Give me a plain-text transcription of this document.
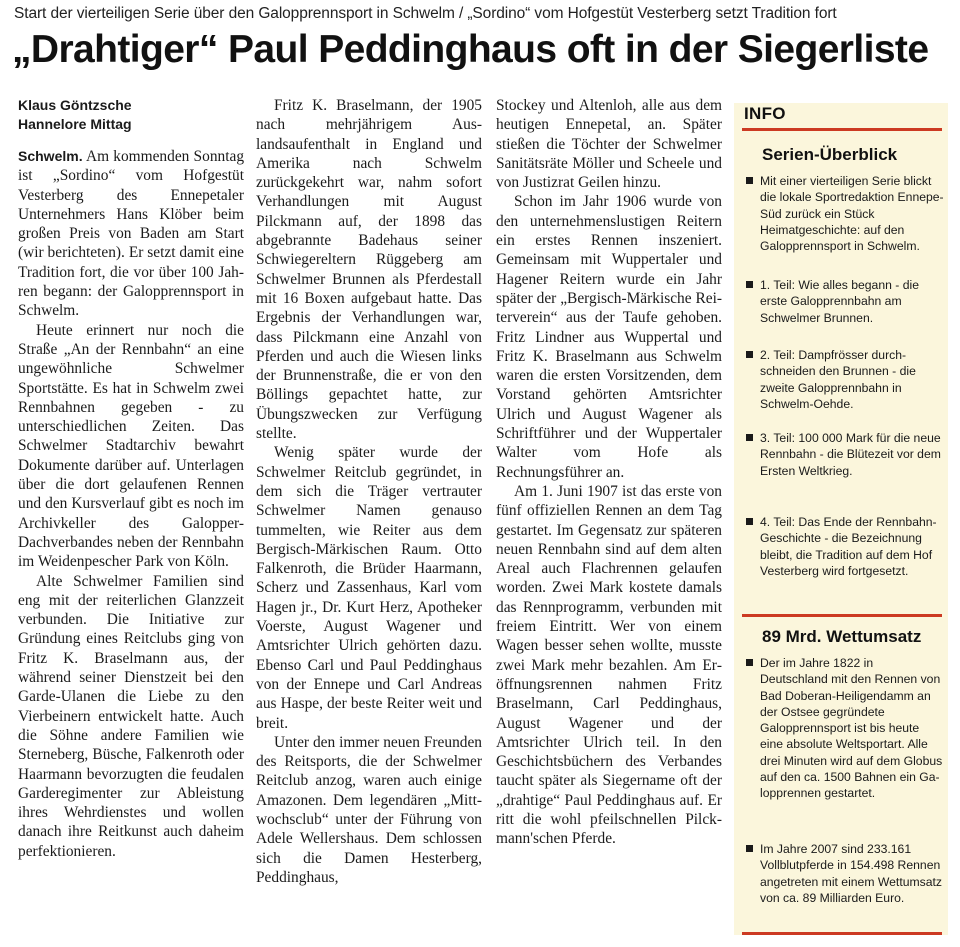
Start der vierteiligen Serie über den Galopprennsport in Schwelm / „Sordino“ vom Hofgestüt Vesterberg setzt Tradition fort
„Drahtiger“ Paul Peddinghaus oft in der Siegerliste
Klaus Göntzsche
Hannelore Mittag

Schwelm. Am kommenden Sonntag ist „Sordino“ vom Hofgestüt Vesterberg des Ennepetaler Unternehmers Hans Klöber beim großen Preis von Baden am Start (wir berichteten). Er setzt damit eine Tradition fort, die vor über 100 Jahren begann: der Galopprennsport in Schwelm.

Heute erinnert nur noch die Straße „An der Rennbahn“ an eine ungewöhnliche Schwelmer Sportstätte. Es hat in Schwelm zwei Rennbahnen gegeben - zu unterschiedlichen Zeiten. Das Schwelmer Stadtarchiv bewahrt Dokumente darüber auf. Unterlagen über die dort gelaufenen Rennen und den Kursverlauf gibt es noch im Archivkeller des Galopper-Dachverbandes neben der Rennbahn im Weidenpescher Park von Köln.

Alte Schwelmer Familien sind eng mit der reiterlichen Glanzzeit verbunden. Die Initiative zur Gründung eines Reitclubs ging von Fritz K. Braselmann aus, der während seiner Dienstzeit bei den Garde-Ulanen die Liebe zu den Vierbeinern entwickelt hatte. Auch die Söhne andere Familien wie Sterneberg, Büsche, Falkenroth oder Haarmann bevorzugten die feudalen Garderegimenter zur Ableistung ihres Wehrdienstes und wollen danach ihre Reitkunst auch daheim perfektionieren.

Fritz K. Braselmann, der 1905 nach mehrjährigem Auslandsaufenthalt in England und Amerika nach Schwelm zurückgekehrt war, nahm sofort Verhandlungen mit August Pilckmann auf, der 1898 das abgebrannte Badehaus seiner Schwiegereltern Rüggeberg am Schwelmer Brunnen als Pferdestall mit 16 Boxen aufgebaut hatte. Das Ergebnis der Verhandlungen war, dass Pilckmann eine Anzahl von Pferden und auch die Wiesen links der Brunnenstraße, die er von den Böllings gepachtet hatte, zur Übungszwecken zur Verfügung stellte.

Wenig später wurde der Schwelmer Reitclub gegründet, in dem sich die Träger vertrauter Schwelmer Namen genauso tummelten, wie Reiter aus dem Bergisch-Märkischen Raum. Otto Falkenroth, die Brüder Haarmann, Scherz und Zassenhaus, Karl vom Hagen jr., Dr. Kurt Herz, Apotheker Voerste, August Wagener und Amtsrichter Ulrich gehörten dazu. Ebenso Carl und Paul Peddinghaus von der Ennepe und Carl Andreas aus Haspe, der beste Reiter weit und breit.

Unter den immer neuen Freunden des Reitsports, die der Schwelmer Reitclub anzog, waren auch einige Amazonen. Dem legendären „Mittwochsclub“ unter der Führung von Adele Wellershaus. Dem schlossen sich die Damen Hesterberg, Peddinghaus,

Stockey und Altenloh, alle aus dem heutigen Ennepetal, an. Später stießen die Töchter der Schwelmer Sanitätsräte Möller und Scheele und von Justizrat Geilen hinzu.

Schon im Jahr 1906 wurde von den unternehmenslustigen Reitern ein erstes Rennen inszeniert. Gemeinsam mit Wuppertaler und Hagener Reitern wurde ein Jahr später der „Bergisch-Märkische Reiterverein“ aus der Taufe gehoben. Fritz Lindner aus Wuppertal und Fritz K. Braselmann aus Schwelm waren die ersten Vorsitzenden, dem Vorstand gehörten Amtsrichter Ulrich und August Wagener als Schriftführer und der Wuppertaler Walter vom Hofe als Rechnungsführer an.

Am 1. Juni 1907 ist das erste von fünf offiziellen Rennen an dem Tag gestartet. Im Gegensatz zur späteren neuen Rennbahn sind auf dem alten Areal auch Flachrennen gelaufen worden. Zwei Mark kostete damals das Rennprogramm, verbunden mit freiem Eintritt. Wer von einem Wagen besser sehen wollte, musste zwei Mark mehr bezahlen. Am Eröffnungsrennen nahmen Fritz Braselmann, Carl Peddinghaus, August Wagener und der Amtsrichter Ulrich teil. In den Geschichtsbüchern des Verbandes taucht später als Siegername oft der „drahtige“ Paul Peddinghaus auf. Er ritt die wohl pfeilschnellen Pilckmann'schen Pferde.

INFO
Serien-Überblick
Mit einer vierteiligen Serie blickt die lokale Sportredaktion Ennepe-Süd zurück ein Stück Heimatgeschichte: auf den Galopprennsport in Schwelm.
1. Teil: Wie alles begann - die erste Galopprennbahn am Schwelmer Brunnen.
2. Teil: Dampfrösser durchschneiden den Brunnen - die zweite Galopprennbahn in Schwelm-Oehde.
3. Teil: 100 000 Mark für die neue Rennbahn - die Blütezeit vor dem Ersten Weltkrieg.
4. Teil: Das Ende der Rennbahn-Geschichte - die Bezeichnung bleibt, die Tradition auf dem Hof Vesterberg wird fortgesetzt.
89 Mrd. Wettumsatz
Der im Jahre 1822 in Deutschland mit den Rennen von Bad Doberan-Heiligendamm an der Ostsee gegründete Galopprennsport ist bis heute eine absolute Weltsportart. Alle drei Minuten wird auf dem Globus auf den ca. 1500 Bahnen ein Galopprennen gestartet.
Im Jahre 2007 sind 233.161 Vollblutpferde in 154.498 Rennen angetreten mit einem Wettumsatz von ca. 89 Milliarden Euro.
